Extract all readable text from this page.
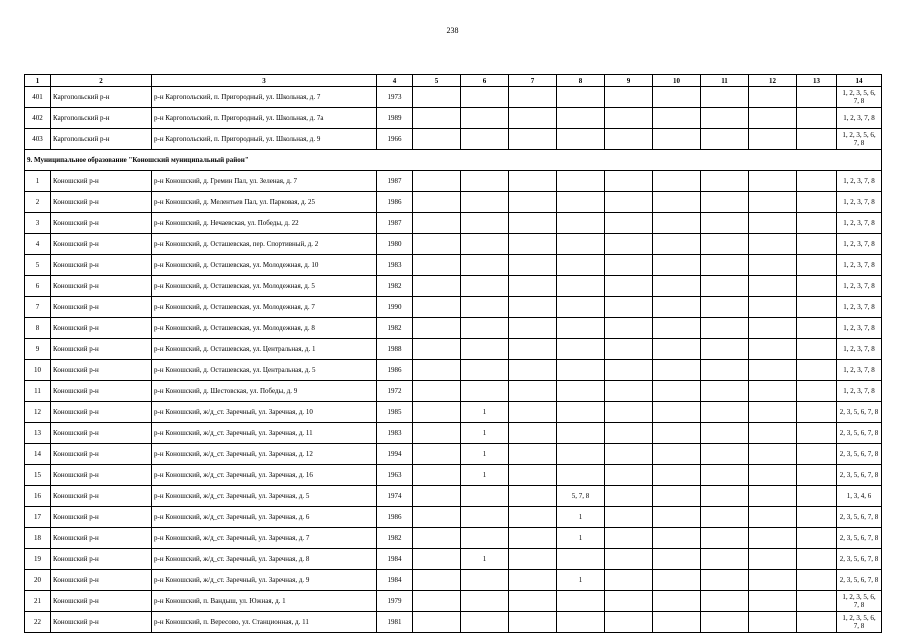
238
1	2	3	4	5	6	7	8	9	10	11	12	13	14
401	Каргопольский р-н	р-н Каргопольский, п. Пригородный, ул. Школьная, д. 7	1973										1, 2, 3, 5, 6, 7, 8
402	Каргопольский р-н	р-н Каргопольский, п. Пригородный, ул. Школьная, д. 7а	1989										1, 2, 3, 7, 8
403	Каргопольский р-н	р-н Каргопольский, п. Пригородный, ул. Школьная, д. 9	1966										1, 2, 3, 5, 6, 7, 8
9. Муниципальное образование "Коношский муниципальный район"													
1	Коношский р-н	р-н Коношский, д. Гремин Пал, ул. Зеленая, д. 7	1987										1, 2, 3, 7, 8
2	Коношский р-н	р-н Коношский, д. Мелентьев Пал, ул. Парковая, д. 25	1986										1, 2, 3, 7, 8
3	Коношский р-н	р-н Коношский, д. Нечаевская, ул. Победы, д. 22	1987										1, 2, 3, 7, 8
4	Коношский р-н	р-н Коношский, д. Осташевская, пер. Спортивный, д. 2	1980										1, 2, 3, 7, 8
5	Коношский р-н	р-н Коношский, д. Осташевская, ул. Молодежная, д. 10	1983										1, 2, 3, 7, 8
6	Коношский р-н	р-н Коношский, д. Осташевская, ул. Молодежная, д. 5	1982										1, 2, 3, 7, 8
7	Коношский р-н	р-н Коношский, д. Осташевская, ул. Молодежная, д. 7	1990										1, 2, 3, 7, 8
8	Коношский р-н	р-н Коношский, д. Осташевская, ул. Молодежная, д. 8	1982										1, 2, 3, 7, 8
9	Коношский р-н	р-н Коношский, д. Осташевская, ул. Центральная, д. 1	1988										1, 2, 3, 7, 8
10	Коношский р-н	р-н Коношский, д. Осташевская, ул. Центральная, д. 5	1986										1, 2, 3, 7, 8
11	Коношский р-н	р-н Коношский, д. Шестовская, ул. Победы, д. 9	1972										1, 2, 3, 7, 8
12	Коношский р-н	р-н Коношский, ж/д_ст. Заречный, ул. Заречная, д. 10	1985		1								2, 3, 5, 6, 7, 8
13	Коношский р-н	р-н Коношский, ж/д_ст. Заречный, ул. Заречная, д. 11	1983		1								2, 3, 5, 6, 7, 8
14	Коношский р-н	р-н Коношский, ж/д_ст. Заречный, ул. Заречная, д. 12	1994		1								2, 3, 5, 6, 7, 8
15	Коношский р-н	р-н Коношский, ж/д_ст. Заречный, ул. Заречная, д. 16	1963		1								2, 3, 5, 6, 7, 8
16	Коношский р-н	р-н Коношский, ж/д_ст. Заречный, ул. Заречная, д. 5	1974				5, 7, 8						1, 3, 4, 6
17	Коношский р-н	р-н Коношский, ж/д_ст. Заречный, ул. Заречная, д. 6	1986				1						2, 3, 5, 6, 7, 8
18	Коношский р-н	р-н Коношский, ж/д_ст. Заречный, ул. Заречная, д. 7	1982				1						2, 3, 5, 6, 7, 8
19	Коношский р-н	р-н Коношский, ж/д_ст. Заречный, ул. Заречная, д. 8	1984		1								2, 3, 5, 6, 7, 8
20	Коношский р-н	р-н Коношский, ж/д_ст. Заречный, ул. Заречная, д. 9	1984				1						2, 3, 5, 6, 7, 8
21	Коношский р-н	р-н Коношский, п. Вандыш, ул. Южная, д. 1	1979										1, 2, 3, 5, 6, 7, 8
22	Коношский р-н	р-н Коношский, п. Вересово, ул. Станционная, д. 11	1981										1, 2, 3, 5, 6, 7, 8
